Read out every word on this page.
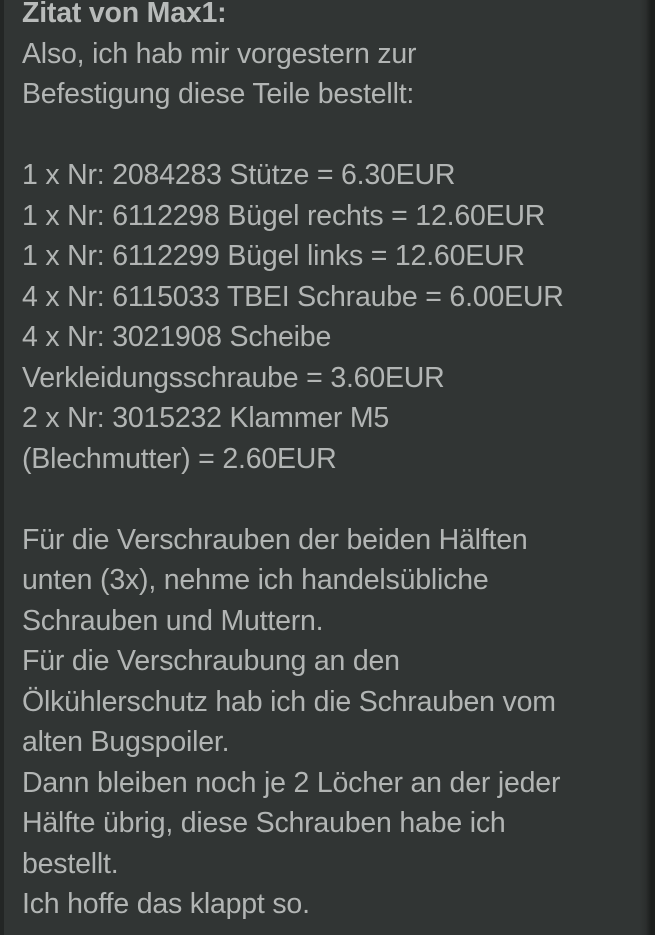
Zitat von Max1:
Also, ich hab mir vorgestern zur
Befestigung diese Teile bestellt:
1 x Nr: 2084283 Stütze = 6.30EUR
1 x Nr: 6112298 Bügel rechts = 12.60EUR
1 x Nr: 6112299 Bügel links = 12.60EUR
4 x Nr: 6115033 TBEI Schraube = 6.00EUR
4 x Nr: 3021908 Scheibe
Verkleidungsschraube = 3.60EUR
2 x Nr: 3015232 Klammer M5
(Blechmutter) = 2.60EUR
Für die Verschrauben der beiden Hälften
unten (3x), nehme ich handelsübliche
Schrauben und Muttern.
Für die Verschraubung an den
Ölkühlerschutz hab ich die Schrauben vom
alten Bugspoiler.
Dann bleiben noch je 2 Löcher an der jeder
Hälfte übrig, diese Schrauben habe ich
bestellt.
Ich hoffe das klappt so.
